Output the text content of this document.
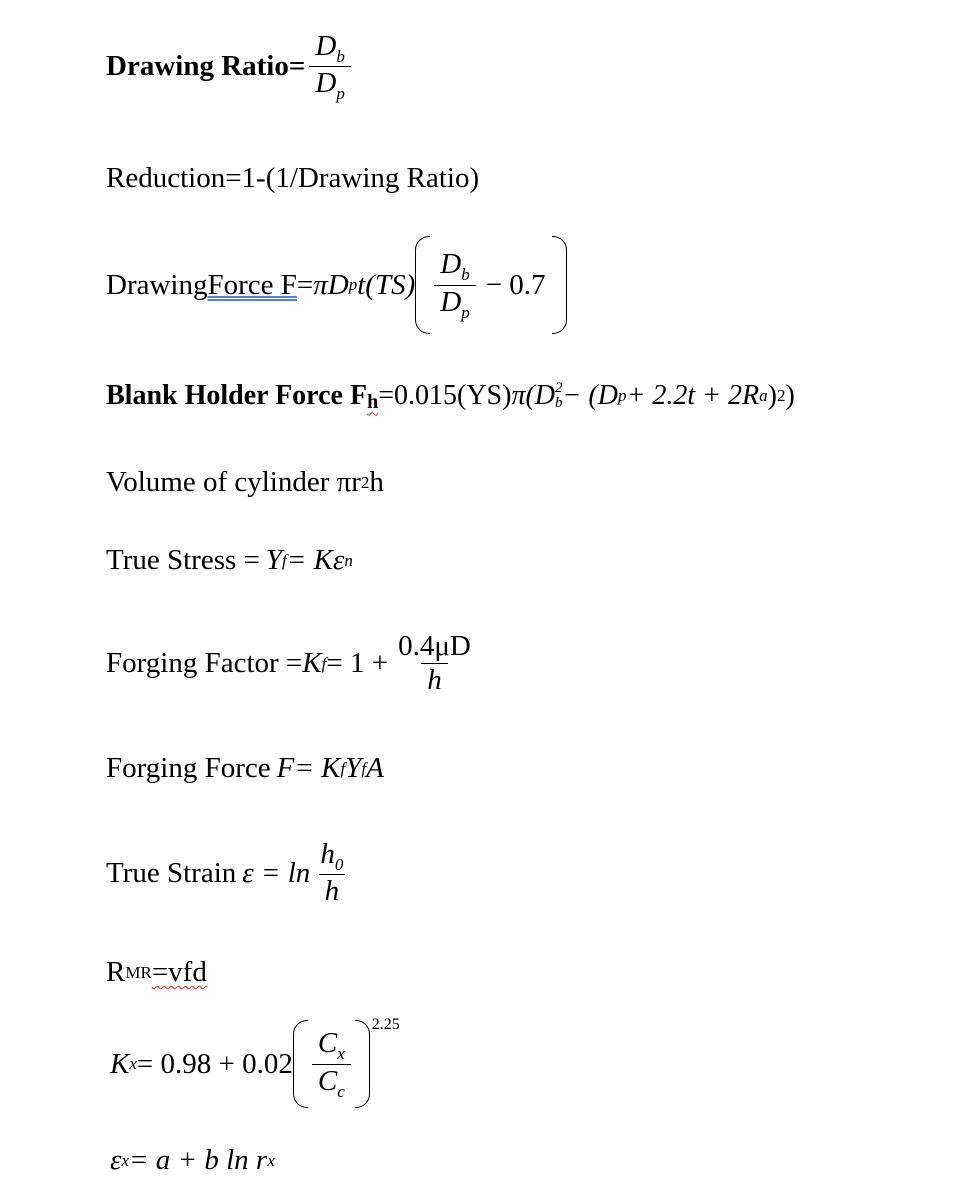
Drawing Ratio= $\frac{D_b}{D_p}$
Reduction=1-(1/Drawing Ratio)
Drawing Force F = πD p $t(TS) \frac{D_b}{D_p} - 0.7$
Blank Holder Force F h =0.015(YS) π (D 2
b − (D p + 2.2t + 2R a ) 2 )
Volume of cylinder πr 2 h
True Stress = Y f = Kε n
Forging Factor = K $f = 1 + \frac{0.4\mu D}{h}$
Forging Force F = K f Y f A
True Strain $\varepsilon = \ln \frac{h_0}{h}$
R MR =vfd
K $x = 0.98 + 0.02 \frac{C_x}{C_c}$
2.25
ε x = a + b ln r x
